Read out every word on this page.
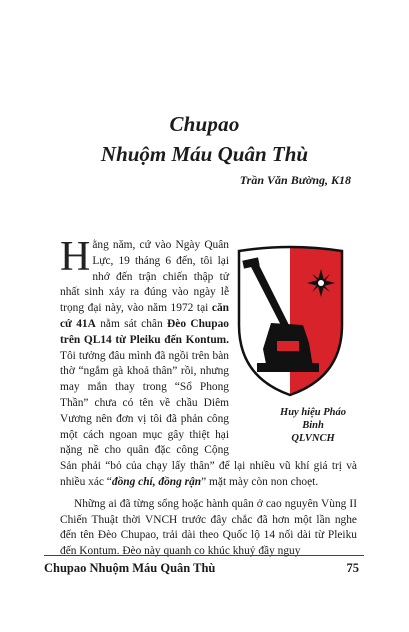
Chupao
Nhuộm Máu Quân Thù
Trần Văn Bường, K18

Hằng năm, cứ vào Ngày Quân Lực, 19 tháng 6 đến, tôi lại nhớ đến trận chiến thập tử nhất sinh xảy ra đúng vào ngày lễ trọng đại này, vào năm 1972 tại căn cứ 41A nằm sát chân Đèo Chupao trên QL14 từ Pleiku đến Kontum. Tôi tưởng đâu mình đã ngồi trên bàn thờ “ngắm gà khoả thân” rồi, nhưng may mắn thay trong “Sổ Phong Thần” chưa có tên về chầu Diêm Vương nên đơn vị tôi đã phản công một cách ngoan mục gây thiệt hại nặng nề cho quân đặc công Cộng Sản phải “bỏ của chạy lấy thân” để lại nhiều vũ khí giá trị và nhiều xác “đồng chí, đồng rận” mặt mày còn non choẹt.

Những ai đã từng sống hoặc hành quân ở cao nguyên Vùng II Chiến Thuật thời VNCH trước đây chắc đã hơn một lần nghe đến tên Đèo Chupao, trải dài theo Quốc lộ 14 nối dài từ Pleiku đến Kontum. Đèo này quanh co khúc khuỷ đầy nguy

Huy hiệu Pháo Binh
QLVNCH
Chupao Nhuộm Máu Quân Thù	75
